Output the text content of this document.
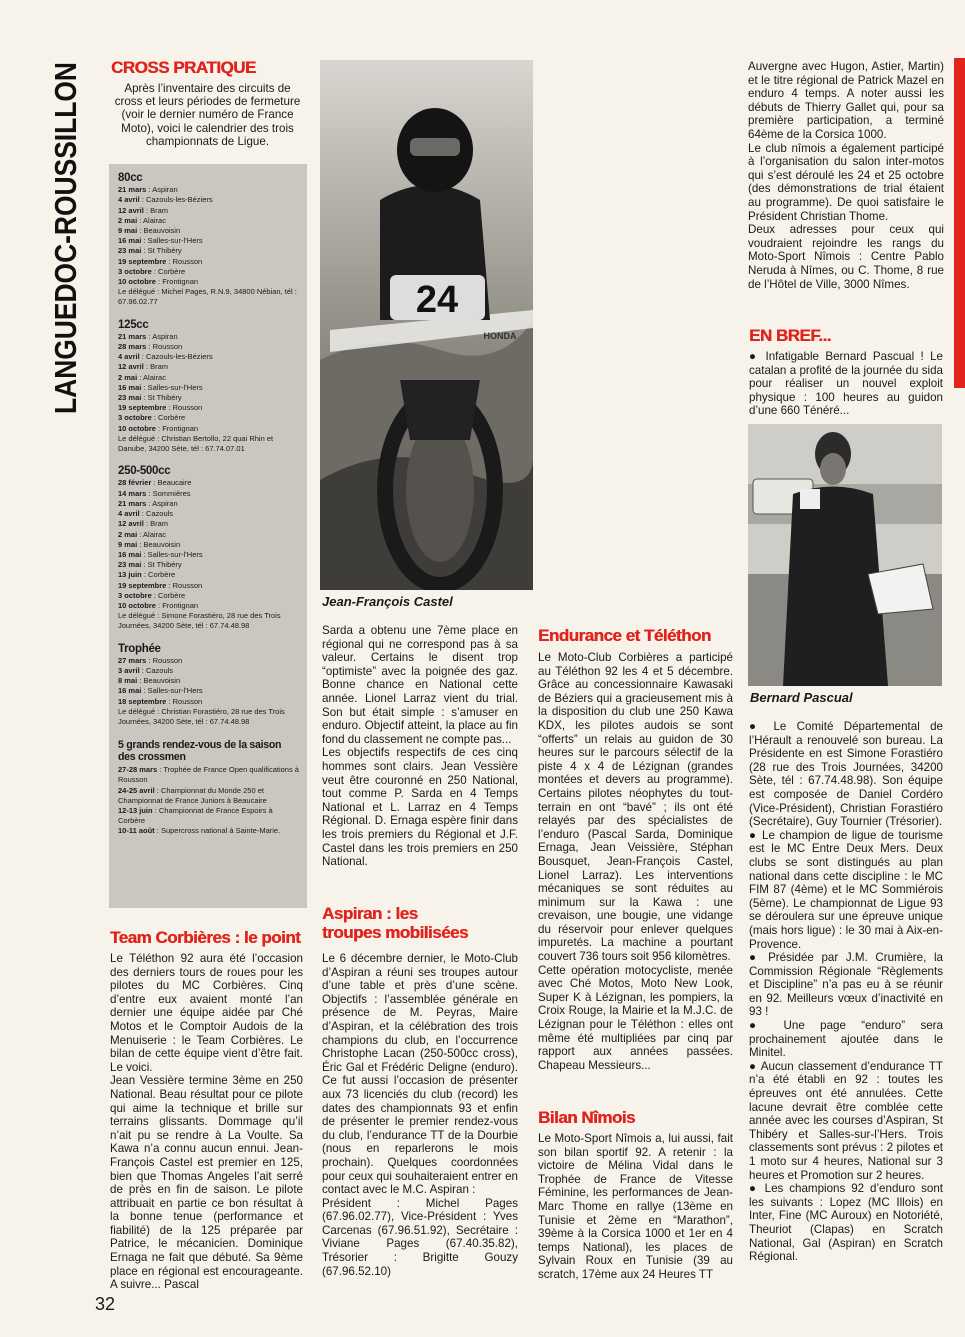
LANGUEDOC-ROUSSILLON CROSS PRATIQUE
Après l’inventaire des circuits de cross et leurs périodes de fermeture (voir le dernier numéro de France Moto), voici le calendrier des trois championnats de Ligue.
80cc
21 mars : Aspiran
4 avril : Cazouls-les-Béziers
12 avril : Bram
2 mai : Alairac
9 mai : Beauvoisin
16 mai : Salles-sur-l’Hers
23 mai : St Thibéry
19 septembre : Rousson
3 octobre : Corbère
10 octobre : Frontignan
Le délégué : Michel Pages, R.N.9, 34800 Nébian, tél : 67.96.02.77
125cc
21 mars : Aspiran
28 mars : Rousson
4 avril : Cazouls-les-Béziers
12 avril : Bram
2 mai : Alairac
16 mai : Salles-sur-l’Hers
23 mai : St Thibéry
19 septembre : Rousson
3 octobre : Corbère
10 octobre : Frontignan
Le délégué : Christian Bertollo, 22 quai Rhin et Danube, 34200 Sète, tél : 67.74.07.01
250-500cc
28 février : Beaucaire
14 mars : Sommières
21 mars : Aspiran
4 avril : Cazouls
12 avril : Bram
2 mai : Alairac
9 mai : Beauvoisin
16 mai : Salles-sur-l’Hers
23 mai : St Thibéry
13 juin : Corbère
19 septembre : Rousson
3 octobre : Corbère
10 octobre : Frontignan
Le délégué : Simone Forastiéro, 28 rue des Trois Journées, 34200 Sète, tél : 67.74.48.98
Trophée
27 mars : Rousson
3 avril : Cazouls
8 mai : Beauvoisin
16 mai : Salles-sur-l’Hers
18 septembre : Rousson
Le délégué : Christian Forastiéro, 28 rue des Trois Journées, 34200 Sète, tél : 67.74.48.98
5 grands rendez-vous de la saison des crossmen
27-28 mars : Trophée de France Open qualifications à Rousson
24-25 avril : Championnat du Monde 250 et Championnat de France Juniors à Beaucaire
12-13 juin : Championnat de France Espoirs à Corbère
10-11 août : Supercross national à Sainte-Marie.
Team Corbières : le point
Le Téléthon 92 aura été l’occasion des derniers tours de roues pour les pilotes du MC Corbières. Cinq d’entre eux avaient monté l’an dernier une équipe aidée par Ché Motos et le Comptoir Audois de la Menuiserie : le Team Corbières. Le bilan de cette équipe vient d’être fait. Le voici.
Jean Vessière termine 3ème en 250 National. Beau résultat pour ce pilote qui aime la technique et brille sur terrains glissants. Dommage qu’il n’ait pu se rendre à La Voulte. Sa Kawa n’a connu aucun ennui. Jean-François Castel est premier en 125, bien que Thomas Angeles l’ait serré de près en fin de saison. Le pilote attribuait en partie ce bon résultat à la bonne tenue (performance et fiabilité) de la 125 préparée par Patrice, le mécanicien. Dominique Ernaga ne fait que débuté. Sa 9ème place en régional est encourageante. A suivre... Pascal
24
HONDA
Jean-François Castel
Sarda a obtenu une 7ème place en régional qui ne correspond pas à sa valeur. Certains le disent trop “optimiste” avec la poignée des gaz. Bonne chance en National cette année. Lionel Larraz vient du trial. Son but était simple : s’amuser en enduro. Objectif atteint, la place au fin fond du classement ne compte pas...
Les objectifs respectifs de ces cinq hommes sont clairs. Jean Vessière veut être couronné en 250 National, tout comme P. Sarda en 4 Temps National et L. Larraz en 4 Temps Régional. D. Ernaga espère finir dans les trois premiers du Régional et J.F. Castel dans les trois premiers en 250 National.
Aspiran : les troupes mobilisées
Le 6 décembre dernier, le Moto-Club d’Aspiran a réuni ses troupes autour d’une table et près d’une scène. Objectifs : l’assemblée générale en présence de M. Peyras, Maire d’Aspiran, et la célébration des trois champions du club, en l’occurrence Christophe Lacan (250-500cc cross), Éric Gal et Frédéric Deligne (enduro). Ce fut aussi l’occasion de présenter aux 73 licenciés du club (record) les dates des championnats 93 et enfin de présenter le premier rendez-vous du club, l’endurance TT de la Dourbie (nous en reparlerons le mois prochain). Quelques coordonnées pour ceux qui souhaiteraient entrer en contact avec le M.C. Aspiran :
Président : Michel Pages (67.96.02.77), Vice-Président : Yves Carcenas (67.96.51.92), Secrétaire : Viviane Pages (67.40.35.82), Trésorier : Brigitte Gouzy (67.96.52.10)
Endurance et Téléthon
Le Moto-Club Corbières a participé au Téléthon 92 les 4 et 5 décembre. Grâce au concessionnaire Kawasaki de Béziers qui a gracieusement mis à la disposition du club une 250 Kawa KDX, les pilotes audois se sont “offerts” un relais au guidon de 30 heures sur le parcours sélectif de la piste 4 x 4 de Lézignan (grandes montées et devers au programme). Certains pilotes néophytes du tout-terrain en ont “bavé” ; ils ont été relayés par des spécialistes de l’enduro (Pascal Sarda, Dominique Ernaga, Jean Veissière, Stéphan Bousquet, Jean-François Castel, Lionel Larraz). Les interventions mécaniques se sont réduites au minimum sur la Kawa : une crevaison, une bougie, une vidange du réservoir pour enlever quelques impuretés. La machine a pourtant couvert 736 tours soit 956 kilomètres.
Cette opération motocycliste, menée avec Ché Motos, Moto New Look, Super K à Lézignan, les pompiers, la Croix Rouge, la Mairie et la M.J.C. de Lézignan pour le Téléthon : elles ont même été multipliées par cinq par rapport aux années passées. Chapeau Messieurs...
Bilan Nîmois
Le Moto-Sport Nîmois a, lui aussi, fait son bilan sportif 92. A retenir : la victoire de Mélina Vidal dans le Trophée de France de Vitesse Féminine, les performances de Jean-Marc Thome en rallye (13ème en Tunisie et 2ème en “Marathon”, 39ème à la Corsica 1000 et 1er en 4 temps National), les places de Sylvain Roux en Tunisie (39 au scratch, 17ème aux 24 Heures TT
Auvergne avec Hugon, Astier, Martin) et le titre régional de Patrick Mazel en enduro 4 temps. A noter aussi les débuts de Thierry Gallet qui, pour sa première participation, a terminé 64ème de la Corsica 1000.
Le club nîmois a également participé à l’organisation du salon inter-motos qui s’est déroulé les 24 et 25 octobre (des démonstrations de trial étaient au programme). De quoi satisfaire le Président Christian Thome.
Deux adresses pour ceux qui voudraient rejoindre les rangs du Moto-Sport Nîmois : Centre Pablo Neruda à Nîmes, ou C. Thome, 8 rue de l’Hôtel de Ville, 3000 Nîmes.
EN BREF...
● Infatigable Bernard Pascual ! Le catalan a profité de la journée du sida pour réaliser un nouvel exploit physique : 100 heures au guidon d’une 660 Ténéré...
Bernard Pascual
● Le Comité Départemental de l’Hérault a renouvelé son bureau. La Présidente en est Simone Forastiéro (28 rue des Trois Journées, 34200 Sète, tél : 67.74.48.98). Son équipe est composée de Daniel Cordéro (Vice-Président), Christian Forastiéro (Secrétaire), Guy Tournier (Trésorier).
● Le champion de ligue de tourisme est le MC Entre Deux Mers. Deux clubs se sont distingués au plan national dans cette discipline : le MC FIM 87 (4ème) et le MC Sommiérois (5ème). Le championnat de Ligue 93 se déroulera sur une épreuve unique (mais hors ligue) : le 30 mai à Aix-en-Provence.
● Présidée par J.M. Crumière, la Commission Régionale “Règlements et Discipline” n’a pas eu à se réunir en 92. Meilleurs vœux d’inactivité en 93 !
● Une page “enduro” sera prochainement ajoutée dans le Minitel.
● Aucun classement d’endurance TT n’a été établi en 92 : toutes les épreuves ont été annulées. Cette lacune devrait être comblée cette année avec les courses d’Aspiran, St Thibéry et Salles-sur-l’Hers. Trois classements sont prévus : 2 pilotes et 1 moto sur 4 heures, National sur 3 heures et Promotion sur 2 heures.
● Les champions 92 d’enduro sont les suivants : Lopez (MC Illois) en Inter, Fine (MC Auroux) en Notoriété, Theuriot (Clapas) en Scratch National, Gal (Aspiran) en Scratch Régional.
32
